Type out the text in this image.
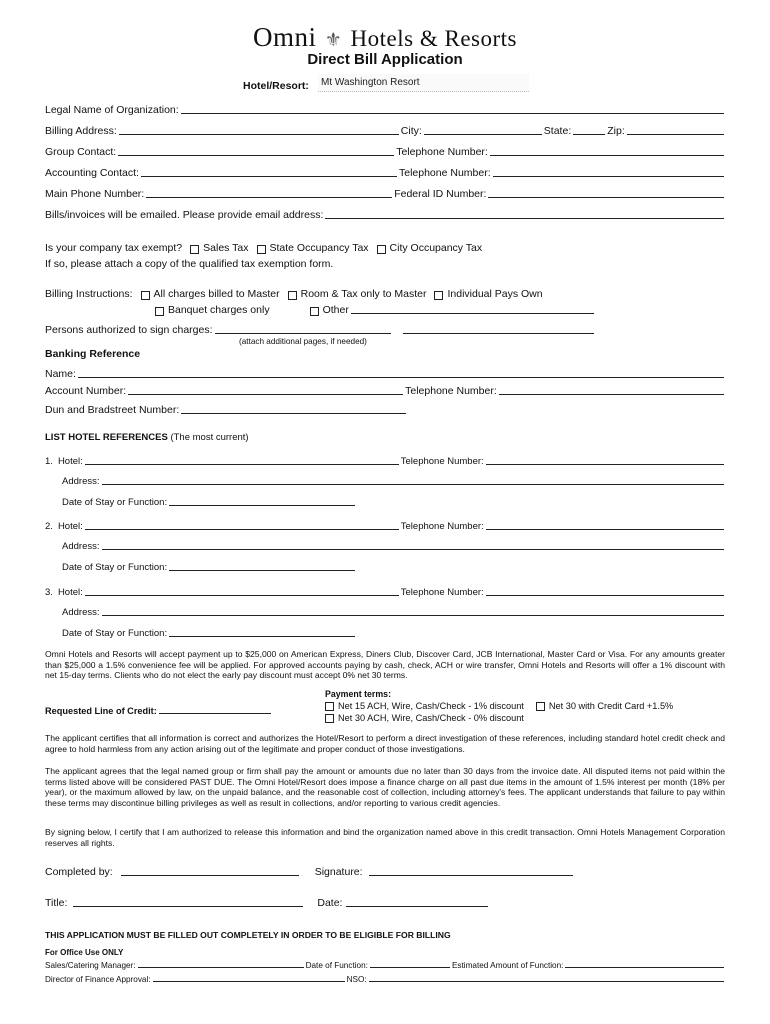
Omni ⚜ Hotels & Resorts
Direct Bill Application
Hotel/Resort:	Mt Washington Resort
Legal Name of Organization:
Billing Address:	City:	State:	Zip:
Group Contact:	Telephone Number:
Accounting Contact:	Telephone Number:
Main Phone Number:	Federal ID Number:
Bills/invoices will be emailed. Please provide email address:
Is your company tax exempt? Sales Tax State Occupancy Tax City Occupancy Tax
If so, please attach a copy of the qualified tax exemption form.
Billing Instructions: All charges billed to Master Room & Tax only to Master Individual Pays Own
Banquet charges only	Other
Persons authorized to sign charges:
(attach additional pages, if needed)
Banking Reference
Name:
Account Number:	Telephone Number:
Dun and Bradstreet Number:
LIST HOTEL REFERENCES (The most current)
1. Hotel:	Telephone Number:
Address:
Date of Stay or Function:
2. Hotel:	Telephone Number:
Address:
Date of Stay or Function:
3. Hotel:	Telephone Number:
Address:
Date of Stay or Function:
Omni Hotels and Resorts will accept payment up to $25,000 on American Express, Diners Club, Discover Card, JCB International, Master Card or Visa. For any amounts greater than $25,000 a 1.5% convenience fee will be applied. For approved accounts paying by cash, check, ACH or wire transfer, Omni Hotels and Resorts will offer a 1% discount with net 15-day terms. Clients who do not elect the early pay discount must accept 0% net 30 terms.
Payment terms:
Requested Line of Credit:	Net 15 ACH, Wire, Cash/Check - 1% discount	Net 30 with Credit Card +1.5%
Net 30 ACH, Wire, Cash/Check - 0% discount
The applicant certifies that all information is correct and authorizes the Hotel/Resort to perform a direct investigation of these references, including standard hotel credit check and agree to hold harmless from any action arising out of the legitimate and proper conduct of those investigations.
The applicant agrees that the legal named group or firm shall pay the amount or amounts due no later than 30 days from the invoice date. All disputed items not paid within the terms listed above will be considered PAST DUE. The Omni Hotel/Resort does impose a finance charge on all past due items in the amount of 1.5% interest per month (18% per year), or the maximum allowed by law, on the unpaid balance, and the reasonable cost of collection, including attorney's fees. The applicant understands that failure to pay within these terms may discontinue billing privileges as well as result in collections, and/or reporting to various credit agencies.
By signing below, I certify that I am authorized to release this information and bind the organization named above in this credit transaction. Omni Hotels Management Corporation reserves all rights.
Completed by:	Signature:
Title:	Date:
THIS APPLICATION MUST BE FILLED OUT COMPLETELY IN ORDER TO BE ELIGIBLE FOR BILLING
For Office Use ONLY
Sales/Catering Manager:	Date of Function:	Estimated Amount of Function:
Director of Finance Approval:	NSO:
